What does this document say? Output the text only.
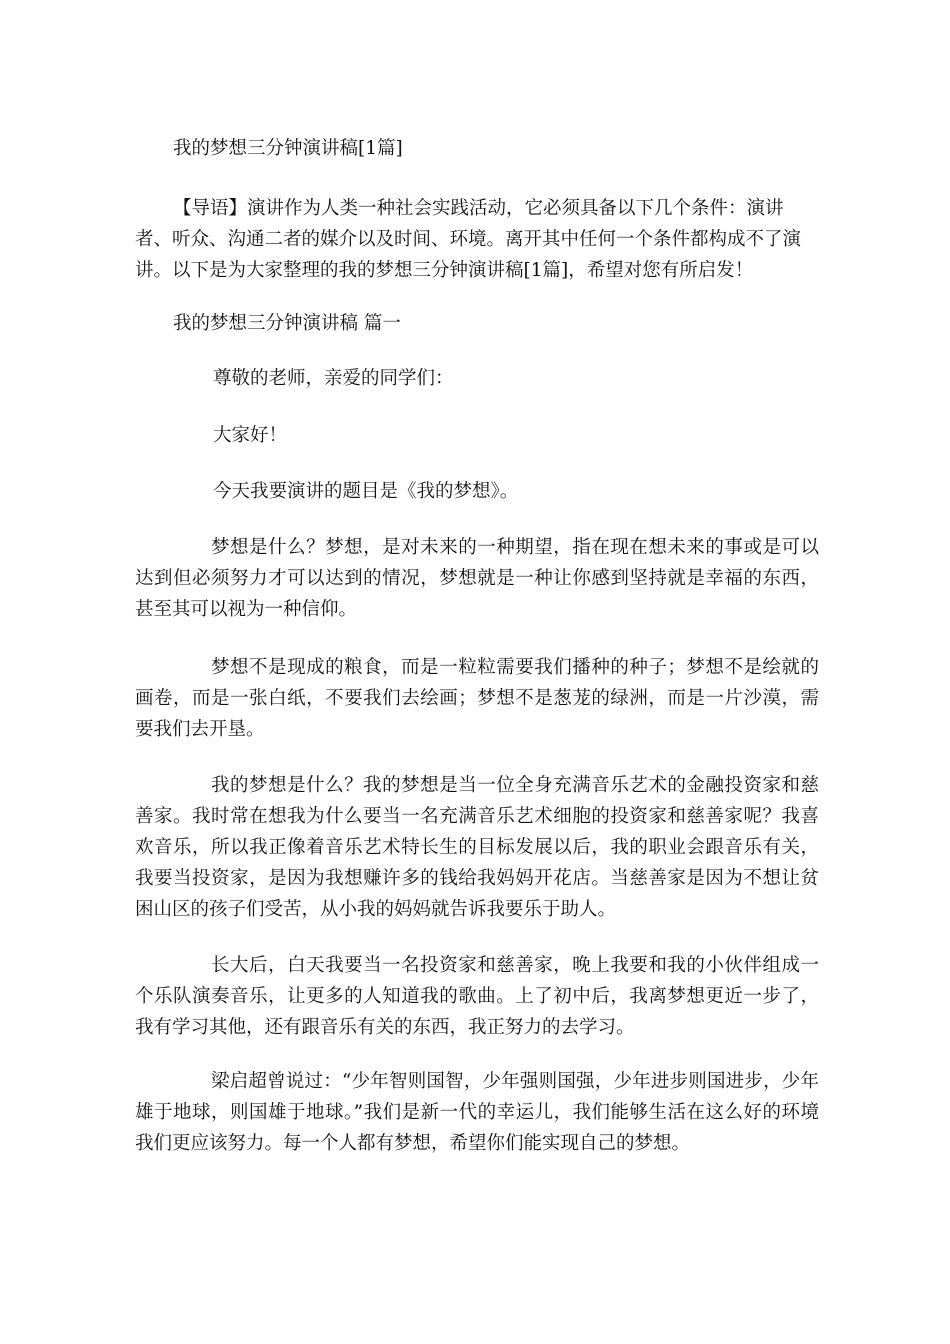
我的梦想三分钟演讲稿[1篇]
【导语】演讲作为人类一种社会实践活动，它必须具备以下几个条件：演讲者、听众、沟通二者的媒介以及时间、环境。离开其中任何一个条件都构成不了演讲。以下是为大家整理的我的梦想三分钟演讲稿[1篇]，希望对您有所启发！
我的梦想三分钟演讲稿 篇一
尊敬的老师，亲爱的同学们：
大家好！
今天我要演讲的题目是《我的梦想》。
梦想是什么？梦想，是对未来的一种期望，指在现在想未来的事或是可以达到但必须努力才可以达到的情况，梦想就是一种让你感到坚持就是幸福的东西，甚至其可以视为一种信仰。
梦想不是现成的粮食，而是一粒粒需要我们播种的种子；梦想不是绘就的画卷，而是一张白纸，不要我们去绘画；梦想不是葱茏的绿洲，而是一片沙漠，需要我们去开垦。
我的梦想是什么？我的梦想是当一位全身充满音乐艺术的金融投资家和慈善家。我时常在想我为什么要当一名充满音乐艺术细胞的投资家和慈善家呢？我喜欢音乐，所以我正像着音乐艺术特长生的目标发展以后，我的职业会跟音乐有关，我要当投资家，是因为我想赚许多的钱给我妈妈开花店。当慈善家是因为不想让贫困山区的孩子们受苦，从小我的妈妈就告诉我要乐于助人。
长大后，白天我要当一名投资家和慈善家，晚上我要和我的小伙伴组成一个乐队演奏音乐，让更多的人知道我的歌曲。上了初中后，我离梦想更近一步了，我有学习其他，还有跟音乐有关的东西，我正努力的去学习。
梁启超曾说过：“少年智则国智，少年强则国强，少年进步则国进步，少年雄于地球，则国雄于地球。”我们是新一代的幸运儿，我们能够生活在这么好的环境我们更应该努力。每一个人都有梦想，希望你们能实现自己的梦想。
